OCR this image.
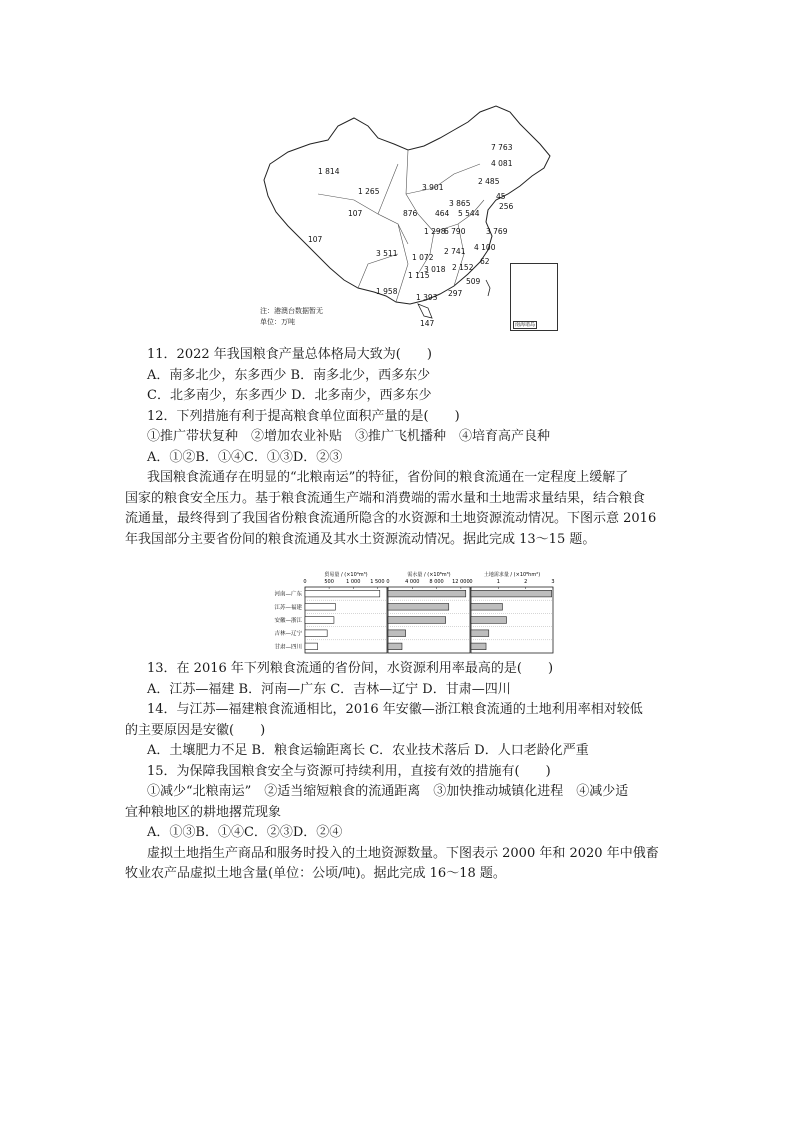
7 763
4 081
2 485
1 814
1 265	3 901
45
256
3 865
5 544
876 464
3 769
1 298
6 790
107
107
4 100
2 741
3 511 1 072
3 018 2 152
62
1 115
509
1 958
1 393 297
147
注：港澳台数据暂无
单位：万吨	南海诸岛
11．2022 年我国粮食产量总体格局大致为(　　)
A．南多北少，东多西少 B．南多北少，西多东少
C．北多南少，东多西少 D．北多南少，西多东少
12．下列措施有利于提高粮食单位面积产量的是(　　)
①推广带状复种　②增加农业补贴　③推广飞机播种　④培育高产良种
A．①②B．①④C．①③D．②③
我国粮食流通存在明显的“北粮南运”的特征，省份间的粮食流通在一定程度上缓解了
国家的粮食安全压力。基于粮食流通生产端和消费端的需水量和土地需求量结果，结合粮食
流通量，最终得到了我国省份粮食流通所隐含的水资源和土地资源流动情况。下图示意 2016
年我国部分主要省份间的粮食流通及其水土资源流动情况。据此完成 13～15 题。
河南—广东
江苏—福建
安徽—浙江
吉林—辽宁
甘肃—四川
贸易量 / (×10⁴m³)
0	500 1 000 1 500
需水量 / (×10⁸m³)
0	4 000 8 000 12 000
土地需求量 / (×10⁸hm²)
0	1	2	3
13．在 2016 年下列粮食流通的省份间，水资源利用率最高的是(　　)
A．江苏—福建 B．河南—广东 C．吉林—辽宁 D．甘肃—四川
14．与江苏—福建粮食流通相比，2016 年安徽—浙江粮食流通的土地利用率相对较低
的主要原因是安徽(　　)
A．土壤肥力不足 B．粮食运输距离长 C．农业技术落后 D．人口老龄化严重
15．为保障我国粮食安全与资源可持续利用，直接有效的措施有(　　)
①减少“北粮南运”　②适当缩短粮食的流通距离　③加快推动城镇化进程　④减少适
宜种粮地区的耕地撂荒现象
A．①③B．①④C．②③D．②④
虚拟土地指生产商品和服务时投入的土地资源数量。下图表示 2000 年和 2020 年中俄畜
牧业农产品虚拟土地含量(单位：公顷/吨)。据此完成 16～18 题。
